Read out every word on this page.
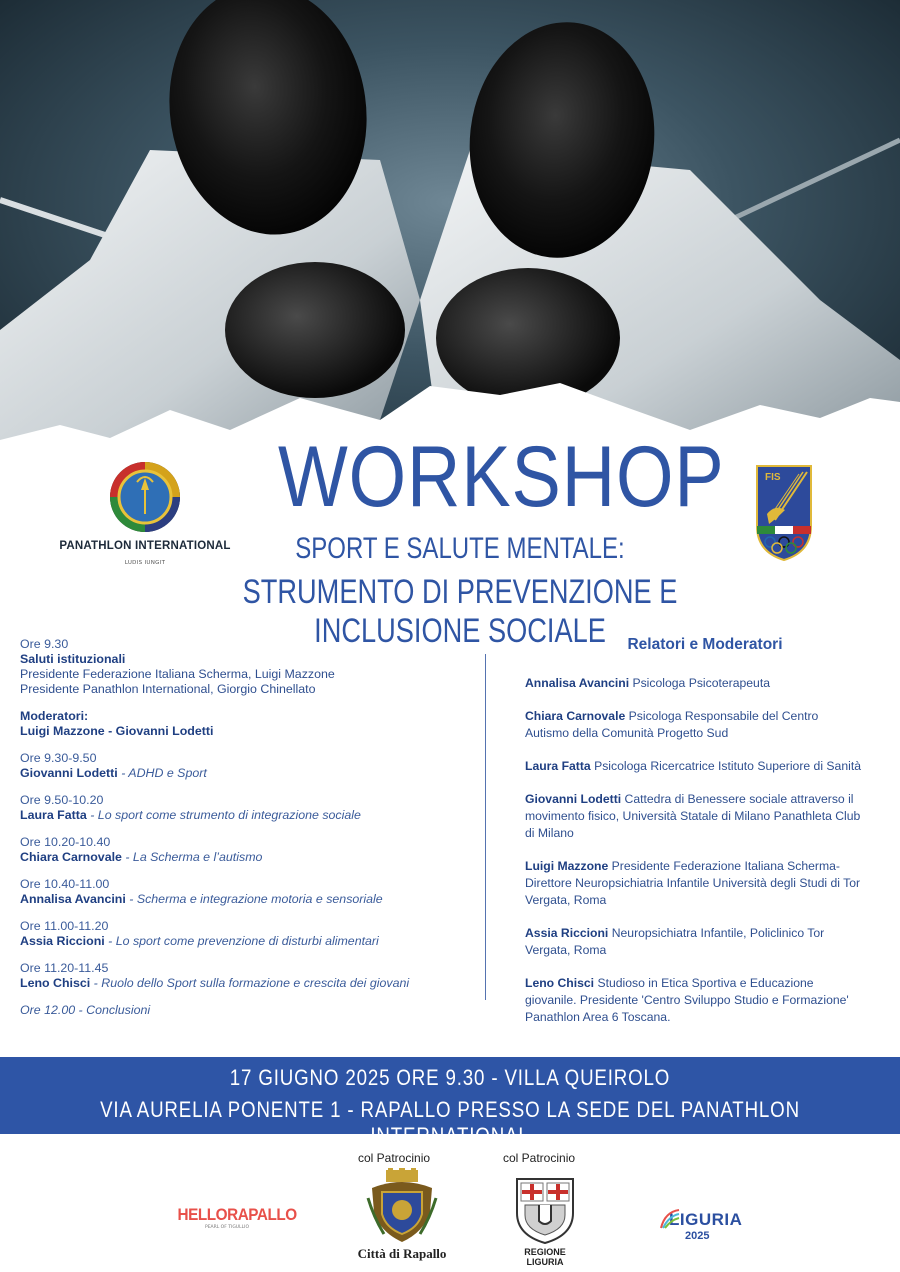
WORKSHOP
SPORT E SALUTE MENTALE:
STRUMENTO DI PREVENZIONE E INCLUSIONE SOCIALE
PANATHLON INTERNATIONAL
LUDIS IUNGIT
FIS
Ore 9.30
Saluti istituzionali
Presidente Federazione Italiana Scherma, Luigi Mazzone
Presidente Panathlon International, Giorgio Chinellato
Moderatori:
Luigi Mazzone - Giovanni Lodetti
Ore 9.30-9.50
Giovanni Lodetti - ADHD e Sport
Ore 9.50-10.20
Laura Fatta - Lo sport come strumento di integrazione sociale
Ore 10.20-10.40
Chiara Carnovale - La Scherma e l’autismo
Ore 10.40-11.00
Annalisa Avancini - Scherma e integrazione motoria e sensoriale
Ore 11.00-11.20
Assia Riccioni - Lo sport come prevenzione di disturbi alimentari
Ore 11.20-11.45
Leno Chisci - Ruolo dello Sport sulla formazione e crescita dei giovani
Ore 12.00 - Conclusioni
Relatori e Moderatori
Annalisa Avancini Psicologa Psicoterapeuta
Chiara Carnovale Psicologa Responsabile del Centro Autismo della Comunità Progetto Sud
Laura Fatta Psicologa Ricercatrice Istituto Superiore di Sanità
Giovanni Lodetti Cattedra di Benessere sociale attraverso il movimento fisico, Università Statale di Milano Panathleta Club di Milano
Luigi Mazzone Presidente Federazione Italiana Scherma- Direttore Neuropsichiatria Infantile Università degli Studi di Tor Vergata, Roma
Assia Riccioni Neuropsichiatra Infantile, Policlinico Tor Vergata, Roma
Leno Chisci Studioso in Etica Sportiva e Educazione giovanile. Presidente 'Centro Sviluppo Studio e Formazione' Panathlon Area 6 Toscana.
17 GIUGNO 2025 ORE 9.30 - VILLA QUEIROLO
VIA AURELIA PONENTE 1 - RAPALLO PRESSO LA SEDE DEL PANATHLON INTERNATIONAL
col Patrocinio	col Patrocinio
HELLORAPALLO
PEARL OF TIGULLIO
Città di Rapallo	REGIONE LIGURIA
LIGURIA
2025
